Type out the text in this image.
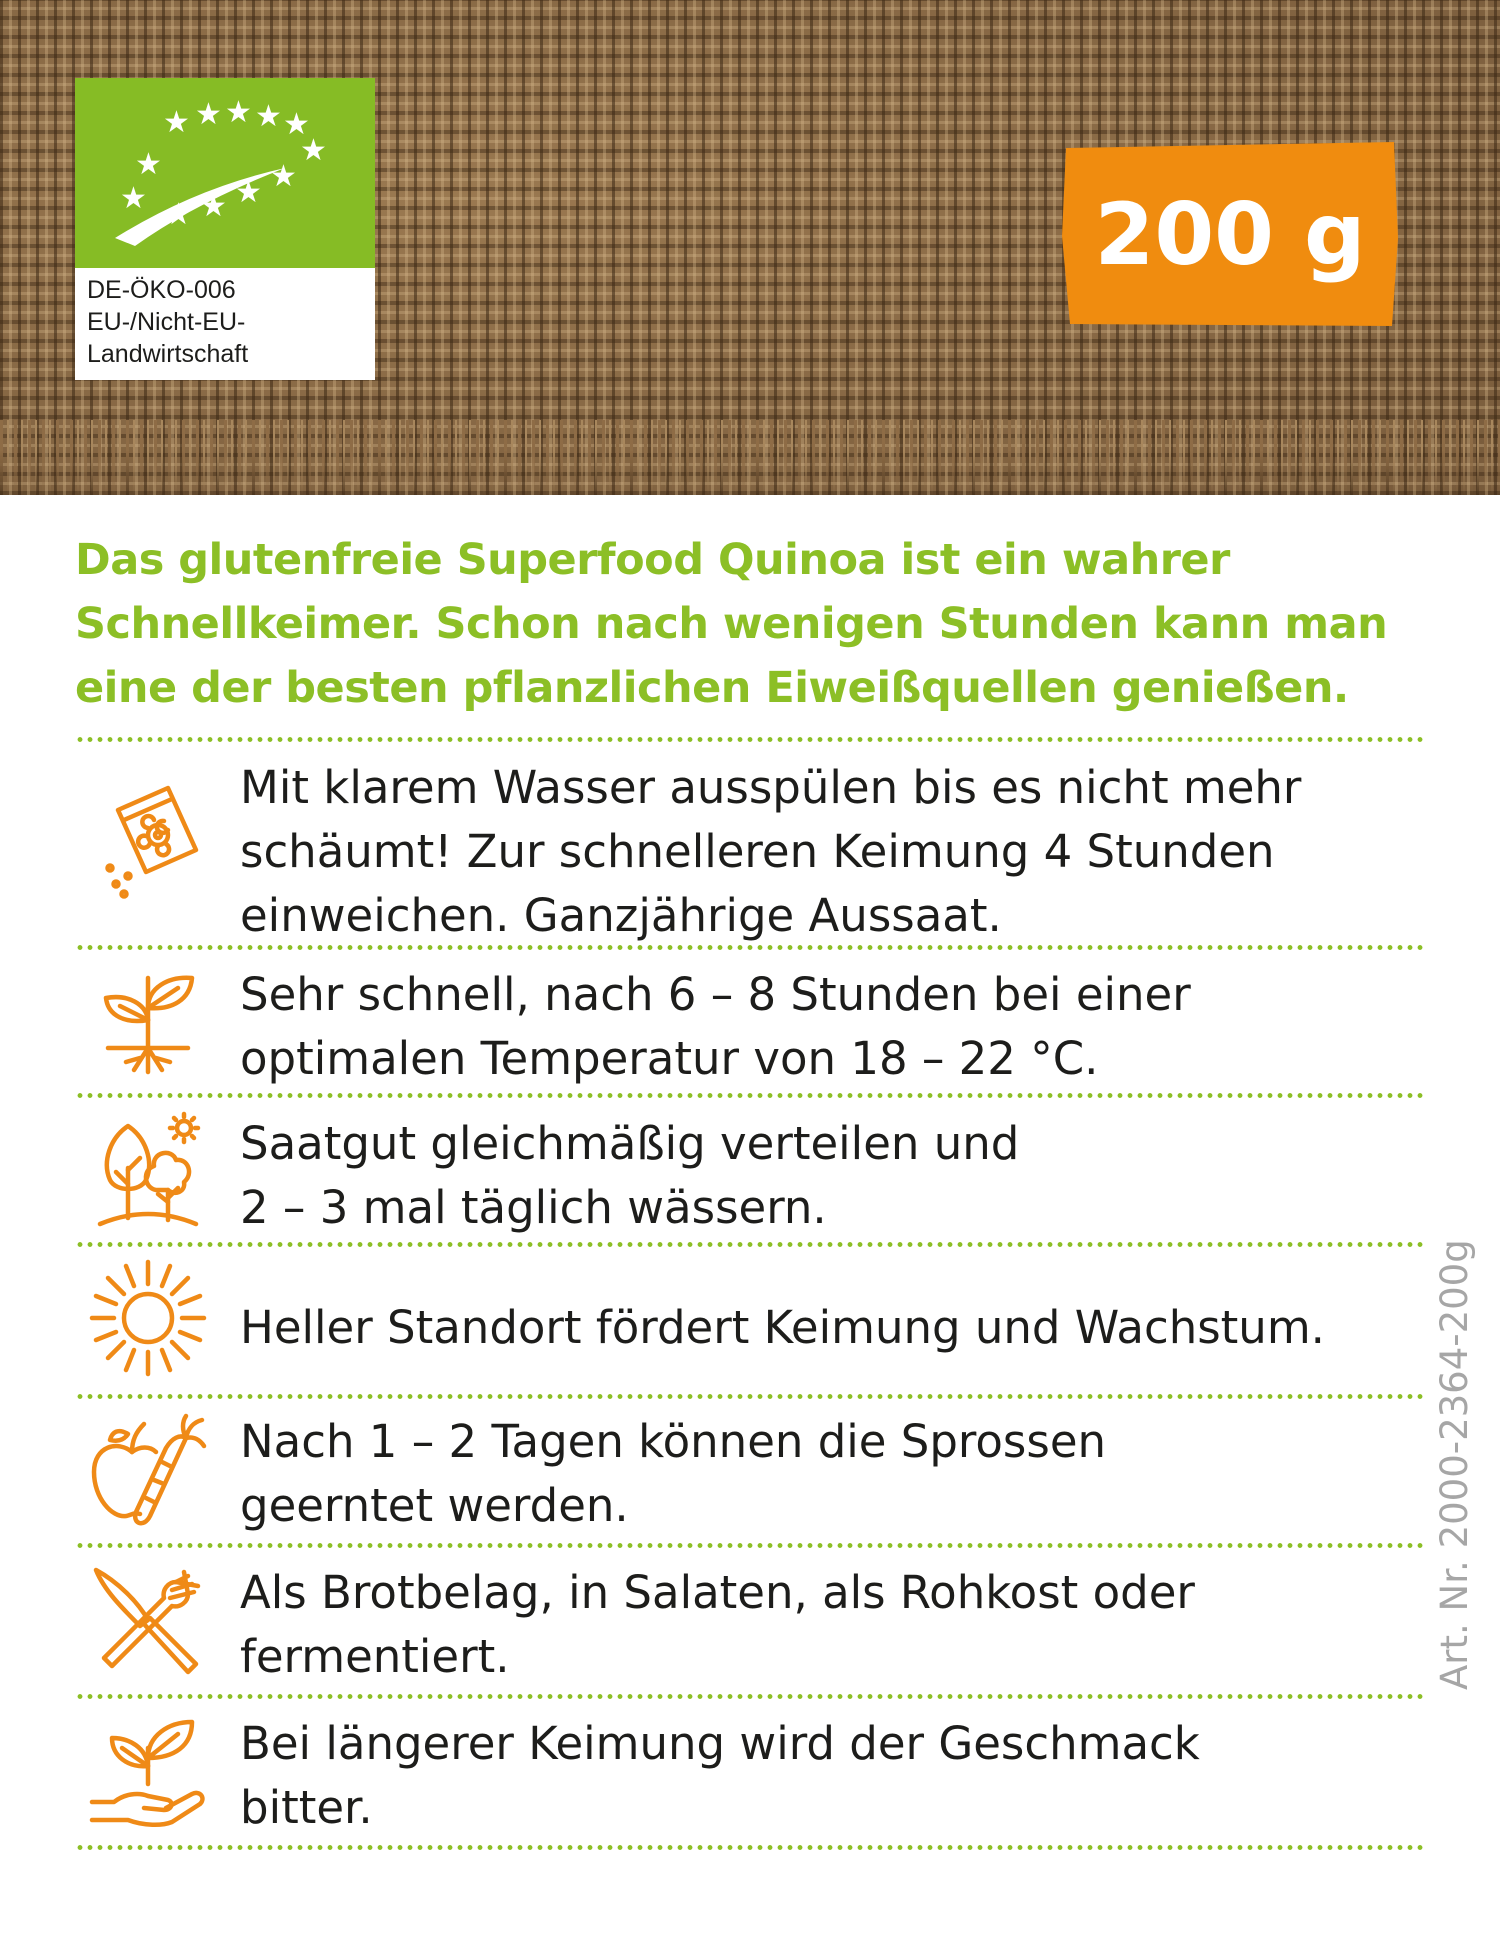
★ ★ ★ ★ ★
★
★
★ ★ ★ ★ ★
DE-ÖKO-006
EU-/Nicht-EU-
Landwirtschaft
200 g
Das glutenfreie Superfood Quinoa ist ein wahrer
Schnellkeimer. Schon nach wenigen Stunden kann man
eine der besten pflanzlichen Eiweißquellen genießen.
Mit klarem Wasser ausspülen bis es nicht mehr
schäumt! Zur schnelleren Keimung 4 Stunden
einweichen. Ganzjährige Aussaat.
Sehr schnell, nach 6 – 8 Stunden bei einer
optimalen Temperatur von 18 – 22 °C.
Saatgut gleichmäßig verteilen und
2 – 3 mal täglich wässern.
Heller Standort fördert Keimung und Wachstum.
Nach 1 – 2 Tagen können die Sprossen
geerntet werden.
Als Brotbelag, in Salaten, als Rohkost oder
fermentiert.
Bei längerer Keimung wird der Geschmack
bitter.
Art. Nr. 2000-2364-200g
